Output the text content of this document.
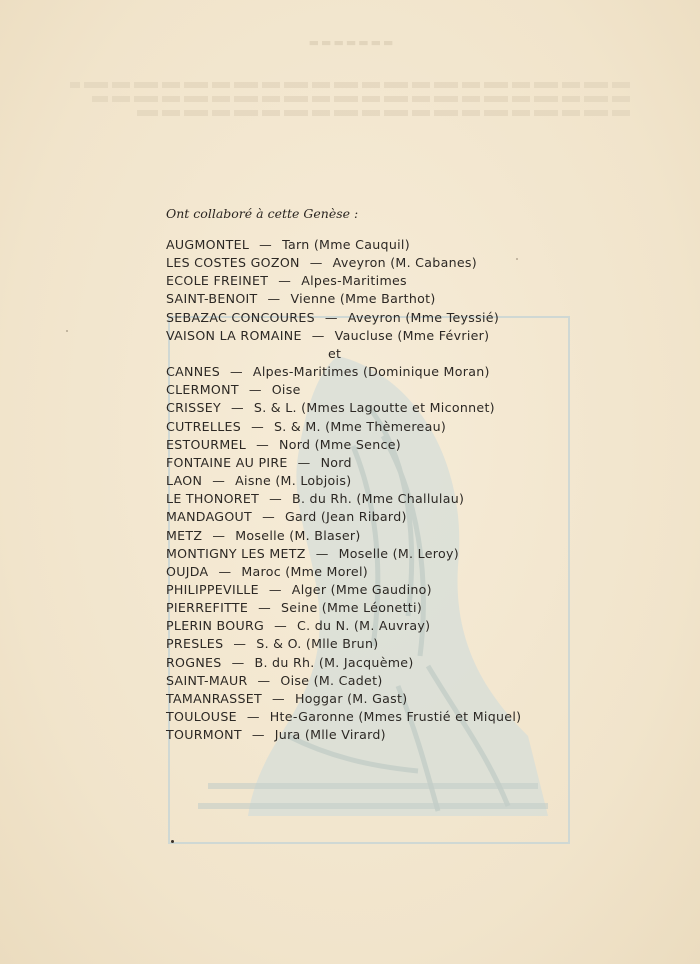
▬▬▬▬▬▬▬
Ont collaboré à cette Genèse :
AUGMONTEL — Tarn (Mme Cauquil)
LES COSTES GOZON — Aveyron (M. Cabanes)
ECOLE FREINET — Alpes-Maritimes
SAINT-BENOIT — Vienne (Mme Barthot)
SEBAZAC CONCOURES — Aveyron (Mme Teyssié)
VAISON LA ROMAINE — Vaucluse (Mme Février)
et
CANNES — Alpes-Maritimes (Dominique Moran)
CLERMONT — Oise
CRISSEY — S. & L. (Mmes Lagoutte et Miconnet)
CUTRELLES — S. & M. (Mme Thèmereau)
ESTOURMEL — Nord (Mme Sence)
FONTAINE AU PIRE — Nord
LAON — Aisne (M. Lobjois)
LE THONORET — B. du Rh. (Mme Challulau)
MANDAGOUT — Gard (Jean Ribard)
METZ — Moselle (M. Blaser)
MONTIGNY LES METZ — Moselle (M. Leroy)
OUJDA — Maroc (Mme Morel)
PHILIPPEVILLE — Alger (Mme Gaudino)
PIERREFITTE — Seine (Mme Léonetti)
PLERIN BOURG — C. du N. (M. Auvray)
PRESLES — S. & O. (Mlle Brun)
ROGNES — B. du Rh. (M. Jacquème)
SAINT-MAUR — Oise (M. Cadet)
TAMANRASSET — Hoggar (M. Gast)
TOULOUSE — Hte-Garonne (Mmes Frustié et Miquel)
TOURMONT — Jura (Mlle Virard)
